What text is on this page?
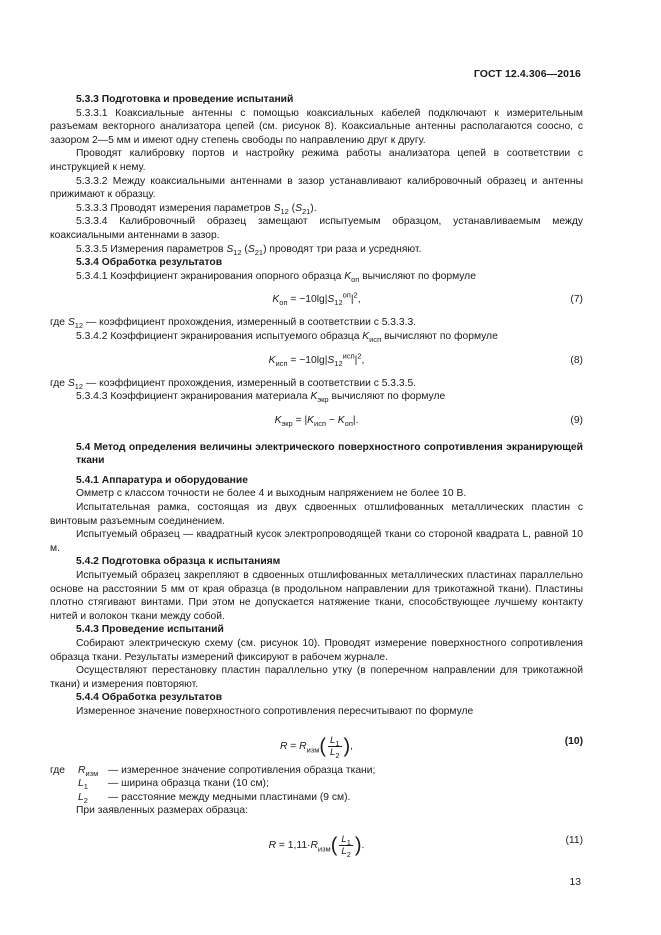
ГОСТ 12.4.306—2016

5.3.3 Подготовка и проведение испытаний

5.3.3.1 Коаксиальные антенны с помощью коаксиальных кабелей подключают к измерительным разъемам векторного анализатора цепей (см. рисунок 8). Коаксиальные антенны располагаются соосно, с зазором 2—5 мм и имеют одну степень свободы по направлению друг к другу.

Проводят калибровку портов и настройку режима работы анализатора цепей в соответствии с инструкцией к нему.

5.3.3.2 Между коаксиальными антеннами в зазор устанавливают калибровочный образец и антенны прижимают к образцу.

5.3.3.3 Проводят измерения параметров $S_{12}$ $(S_{21})$.

5.3.3.4 Калибровочный образец замещают испытуемым образцом, устанавливаемым между коаксиальными антеннами в зазор.

5.3.3.5 Измерения параметров $S_{12}$ $(S_{21})$ проводят три раза и усредняют.

5.3.4 Обработка результатов

5.3.4.1 Коэффициент экранирования опорного образца $K_{оп}$ вычисляют по формуле

$K_{оп} = -10\lg|S_{12}^{оп}|^2$,	(7)

где $S_{12}$ — коэффициент прохождения, измеренный в соответствии с 5.3.3.3.

5.3.4.2 Коэффициент экранирования испытуемого образца $K_{исп}$ вычисляют по формуле

$K_{исп} = -10\lg|S_{12}^{исп}|^2$,	(8)

где $S_{12}$ — коэффициент прохождения, измеренный в соответствии с 5.3.3.5.

5.3.4.3 Коэффициент экранирования материала $K_{экр}$ вычисляют по формуле

$K_{экр} = |K_{исп} - K_{оп}|$.	(9)

5.4 Метод определения величины электрического поверхностного сопротивления экранирующей ткани

5.4.1 Аппаратура и оборудование

Омметр с классом точности не более 4 и выходным напряжением не более 10 В.

Испытательная рамка, состоящая из двух сдвоенных отшлифованных металлических пластин с винтовым разъемным соединением.

Испытуемый образец — квадратный кусок электропроводящей ткани со стороной квадрата L, равной 10 м.

5.4.2 Подготовка образца к испытаниям

Испытуемый образец закрепляют в сдвоенных отшлифованных металлических пластинах параллельно основе на расстоянии 5 мм от края образца (в продольном направлении для трикотажной ткани). Пластины плотно стягивают винтами. При этом не допускается натяжение ткани, способствующее лучшему контакту нитей и волокон ткани между собой.

5.4.3 Проведение испытаний

Собирают электрическую схему (см. рисунок 10). Проводят измерение поверхностного сопротивления образца ткани. Результаты измерений фиксируют в рабочем журнале.

Осуществляют перестановку пластин параллельно утку (в поперечном направлении для трикотажной ткани) и измерения повторяют.

5.4.4 Обработка результатов

Измеренное значение поверхностного сопротивления пересчитывают по формуле

$R = R_{изм}( \frac{L_1}{L_2}$ ),	(10)
где	$R_{изм}$ — измеренное значение сопротивления образца ткани;
$L_1$	— ширина образца ткани (10 см);
$L_2$	— расстояние между медными пластинами (9 см).

При заявленных размерах образца:

$R = 1,11\cdot R_{изм}( \frac{L_1}{L_2}$ ).	(11)
13
